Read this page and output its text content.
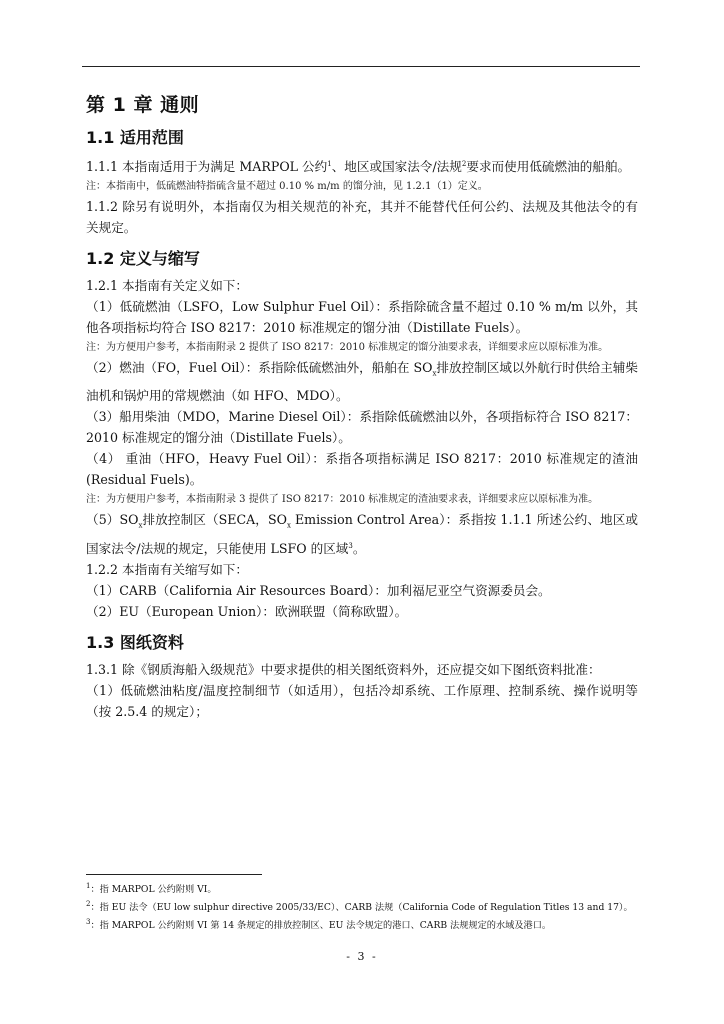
第 1 章 通则
1.1 适用范围

1.1.1 本指南适用于为满足 MARPOL 公约$^1$、地区或国家法令/法规$^2$要求而使用低硫燃油的船舶。

注：本指南中，低硫燃油特指硫含量不超过 0.10 % m/m 的馏分油，见 1.2.1（1）定义。

1.1.2 除另有说明外，本指南仅为相关规范的补充，其并不能替代任何公约、法规及其他法令的有关规定。

1.2 定义与缩写

1.2.1 本指南有关定义如下：

（1）低硫燃油（LSFO，Low Sulphur Fuel Oil）：系指除硫含量不超过 0.10 % m/m 以外，其他各项指标均符合 ISO 8217：2010 标准规定的馏分油（Distillate Fuels）。

注：为方便用户参考，本指南附录 2 提供了 ISO 8217：2010 标准规定的馏分油要求表，详细要求应以原标准为准。

（2）燃油（FO，Fuel Oil）：系指除低硫燃油外，船舶在 $SO_x$排放控制区域以外航行时供给主辅柴油机和锅炉用的常规燃油（如 HFO、MDO）。

（3）船用柴油（MDO，Marine Diesel Oil）：系指除低硫燃油以外，各项指标符合 ISO 8217：2010 标准规定的馏分油（Distillate Fuels）。

（4） 重油（HFO，Heavy Fuel Oil）：系指各项指标满足 ISO 8217：2010 标准规定的渣油(Residual Fuels)。

注：为方便用户参考，本指南附录 3 提供了 ISO 8217：2010 标准规定的渣油要求表，详细要求应以原标准为准。

$(5)SO_x$排放控制区（SECA，$SO_x$ Emission Control Area）：系指按 1.1.1 所述公约、地区或国家法令/法规的规定，只能使用 LSFO 的区域$^3$。

1.2.2 本指南有关缩写如下：

（1）CARB（California Air Resources Board）：加利福尼亚空气资源委员会。

（2）EU（European Union）：欧洲联盟（简称欧盟）。

1.3 图纸资料

1.3.1 除《钢质海船入级规范》中要求提供的相关图纸资料外，还应提交如下图纸资料批准：

（1）低硫燃油粘度/温度控制细节（如适用），包括冷却系统、工作原理、控制系统、操作说明等（按 2.5.4 的规定）；

$^1$：指 MARPOL 公约附则 VI。

$^2$：指 EU 法令（EU low sulphur directive 2005/33/EC）、CARB 法规（California Code of Regulation Titles 13 and 17）。

$^3$：指 MARPOL 公约附则 VI 第 14 条规定的排放控制区、EU 法令规定的港口、CARB 法规规定的水域及港口。

- 3 -
